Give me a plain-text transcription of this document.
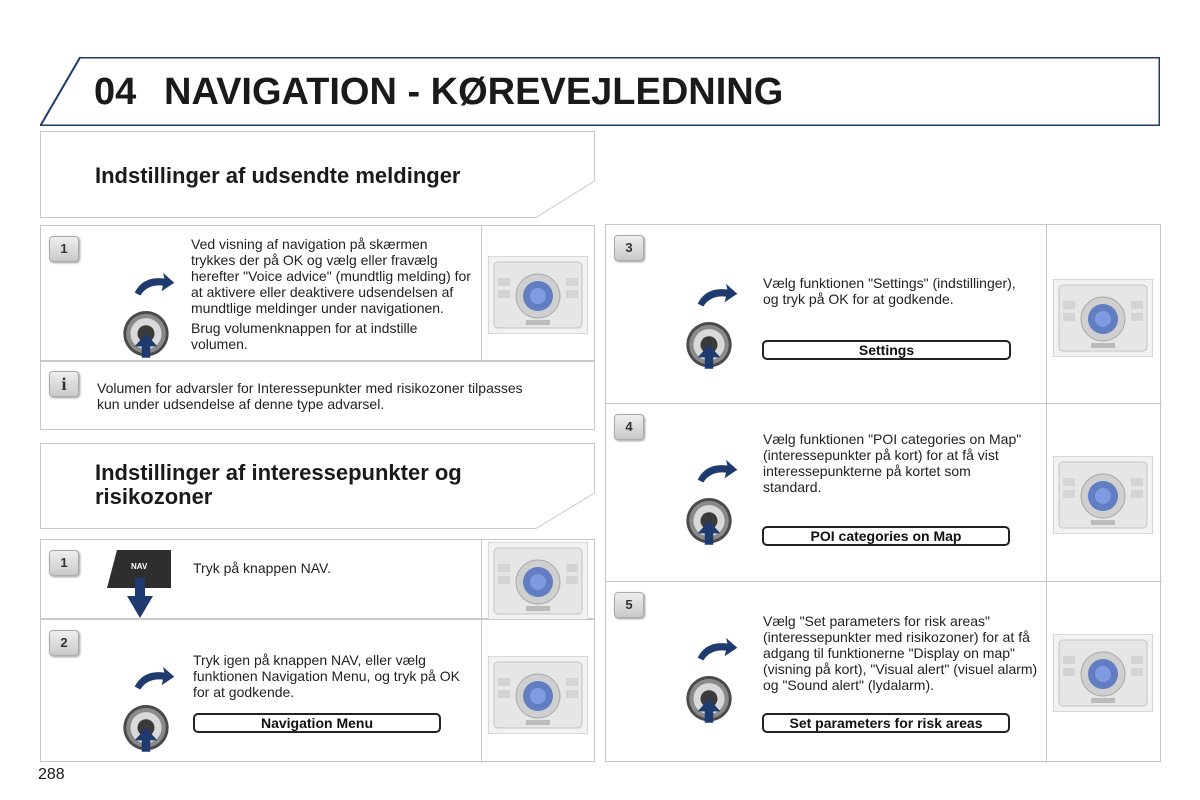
04 NAVIGATION - KØREVEJLEDNING
Indstillinger af udsendte meldinger
1	Ved visning af navigation på skærmen trykkes der på OK og vælg eller fravælg herefter "Voice advice" (mundtlig melding) for at aktivere eller deaktivere udsendelsen af mundtlige meldinger under navigationen.
Brug volumenknappen for at indstille volumen.
i	Volumen for advarsler for Interessepunkter med risikozoner tilpasses kun under udsendelse af denne type advarsel.
Indstillinger af interessepunkter og risikozoner
1	NAV	Tryk på knappen NAV.
2
Tryk igen på knappen NAV, eller vælg funktionen Navigation Menu, og tryk på OK for at godkende.
Navigation Menu
3
Vælg funktionen "Settings" (indstillinger), og tryk på OK for at godkende.
Settings
4
Vælg funktionen "POI categories on Map" (interessepunkter på kort) for at få vist interessepunkterne på kortet som standard.
POI categories on Map
5
Vælg "Set parameters for risk areas" (interessepunkter med risikozoner) for at få adgang til funktionerne "Display on map" (visning på kort), "Visual alert" (visuel alarm) og "Sound alert" (lydalarm).
Set parameters for risk areas
288
